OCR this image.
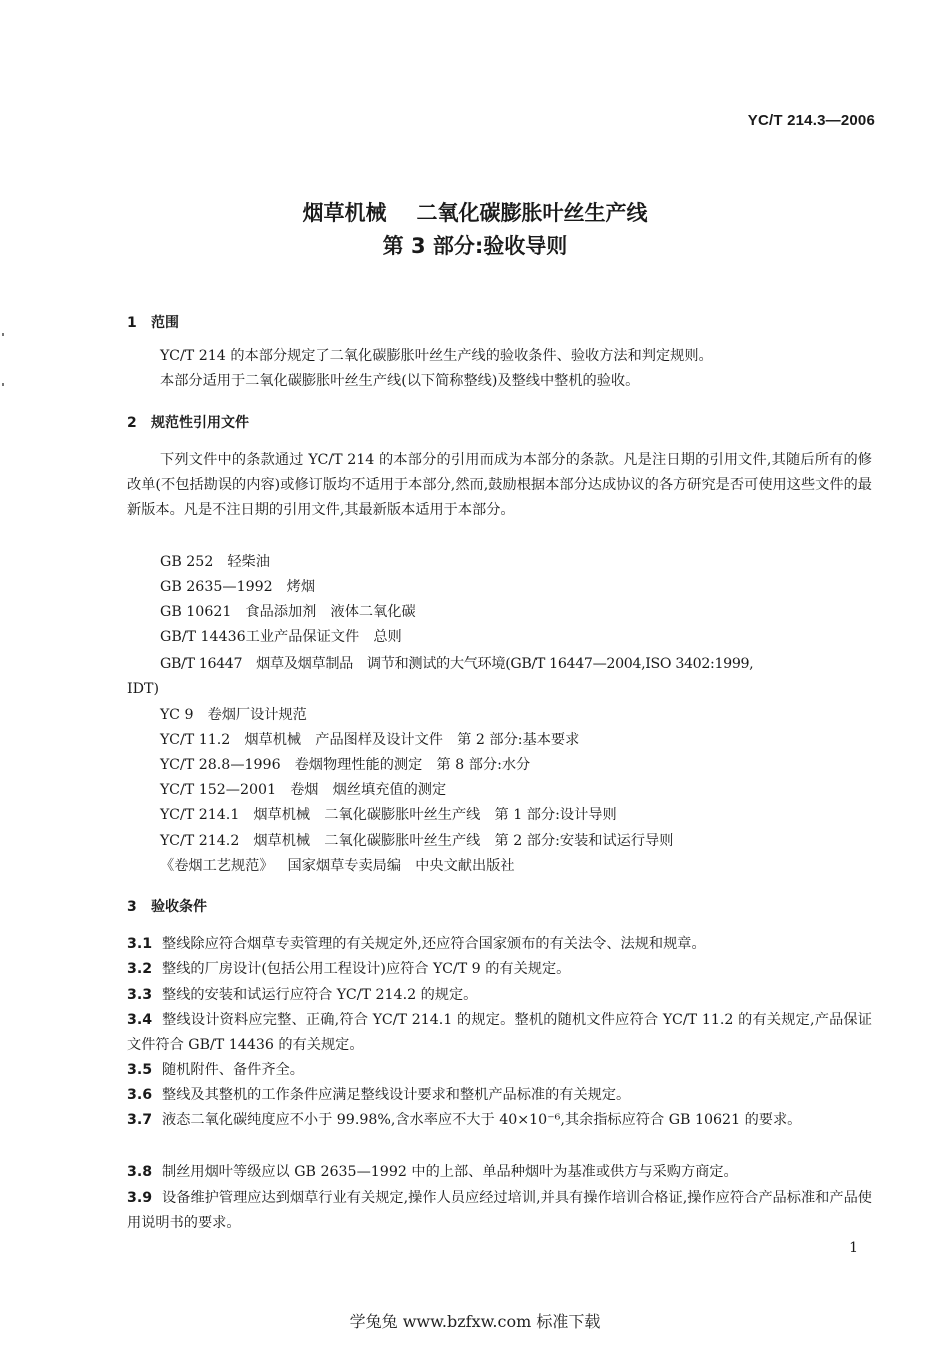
YC/T 214.3—2006
烟草机械 二氧化碳膨胀叶丝生产线
第 3 部分:验收导则
1 范围
YC/T 214 的本部分规定了二氧化碳膨胀叶丝生产线的验收条件、验收方法和判定规则。
本部分适用于二氧化碳膨胀叶丝生产线(以下简称整线)及整线中整机的验收。
2 规范性引用文件
下列文件中的条款通过 YC/T 214 的本部分的引用而成为本部分的条款。凡是注日期的引用文件,其随后所有的修改单(不包括勘误的内容)或修订版均不适用于本部分,然而,鼓励根据本部分达成协议的各方研究是否可使用这些文件的最新版本。凡是不注日期的引用文件,其最新版本适用于本部分。
GB 252 轻柴油
GB 2635—1992 烤烟
GB 10621 食品添加剂　液体二氧化碳
GB/T 14436工业产品保证文件　总则
GB/T 16447 烟草及烟草制品　调节和测试的大气环境(GB/T 16447—2004,ISO 3402:1999,
IDT)
YC 9 卷烟厂设计规范
YC/T 11.2 烟草机械　产品图样及设计文件　第 2 部分:基本要求
YC/T 28.8—1996 卷烟物理性能的测定　第 8 部分:水分
YC/T 152—2001 卷烟　烟丝填充值的测定
YC/T 214.1 烟草机械　二氧化碳膨胀叶丝生产线　第 1 部分:设计导则
YC/T 214.2 烟草机械　二氧化碳膨胀叶丝生产线　第 2 部分:安装和试运行导则
《卷烟工艺规范》 国家烟草专卖局编　中央文献出版社
3 验收条件
3.1 整线除应符合烟草专卖管理的有关规定外,还应符合国家颁布的有关法令、法规和规章。
3.2 整线的厂房设计(包括公用工程设计)应符合 YC/T 9 的有关规定。
3.3 整线的安装和试运行应符合 YC/T 214.2 的规定。
3.4 整线设计资料应完整、正确,符合 YC/T 214.1 的规定。整机的随机文件应符合 YC/T 11.2 的有关规定,产品保证文件符合 GB/T 14436 的有关规定。
3.5 随机附件、备件齐全。
3.6 整线及其整机的工作条件应满足整线设计要求和整机产品标准的有关规定。
3.7 液态二氧化碳纯度应不小于 99.98%,含水率应不大于 40×10⁻⁶,其余指标应符合 GB 10621 的要求。
3.8 制丝用烟叶等级应以 GB 2635—1992 中的上部、单品种烟叶为基准或供方与采购方商定。
3.9 设备维护管理应达到烟草行业有关规定,操作人员应经过培训,并具有操作培训合格证,操作应符合产品标准和产品使用说明书的要求。
1
学兔兔 www.bzfxw.com 标准下载
